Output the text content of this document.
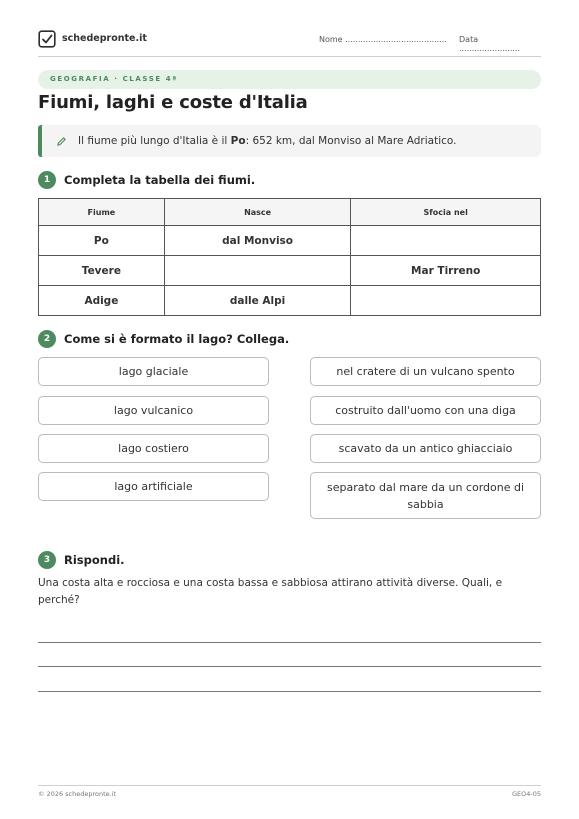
schedepronte.it	Nome ........................................ Data ........................
GEOGRAFIA · CLASSE 4ª
Fiumi, laghi e coste d'Italia
Il fiume più lungo d'Italia è il Po: 652 km, dal Monviso al Mare Adriatico.
1	Completa la tabella dei fiumi.
Fiume	Nasce	Sfocia nel
Po	dal Monviso	
Tevere		Mar Tirreno
Adige	dalle Alpi	
2	Come si è formato il lago? Collega.
lago glaciale
lago vulcanico
lago costiero
lago artificiale
nel cratere di un vulcano spento
costruito dall'uomo con una diga
scavato da un antico ghiacciaio
separato dal mare da un cordone di sabbia
3	Rispondi.
Una costa alta e rocciosa e una costa bassa e sabbiosa attirano attività diverse. Quali, e perché?
© 2026 schedepronte.it	GEO4-05
